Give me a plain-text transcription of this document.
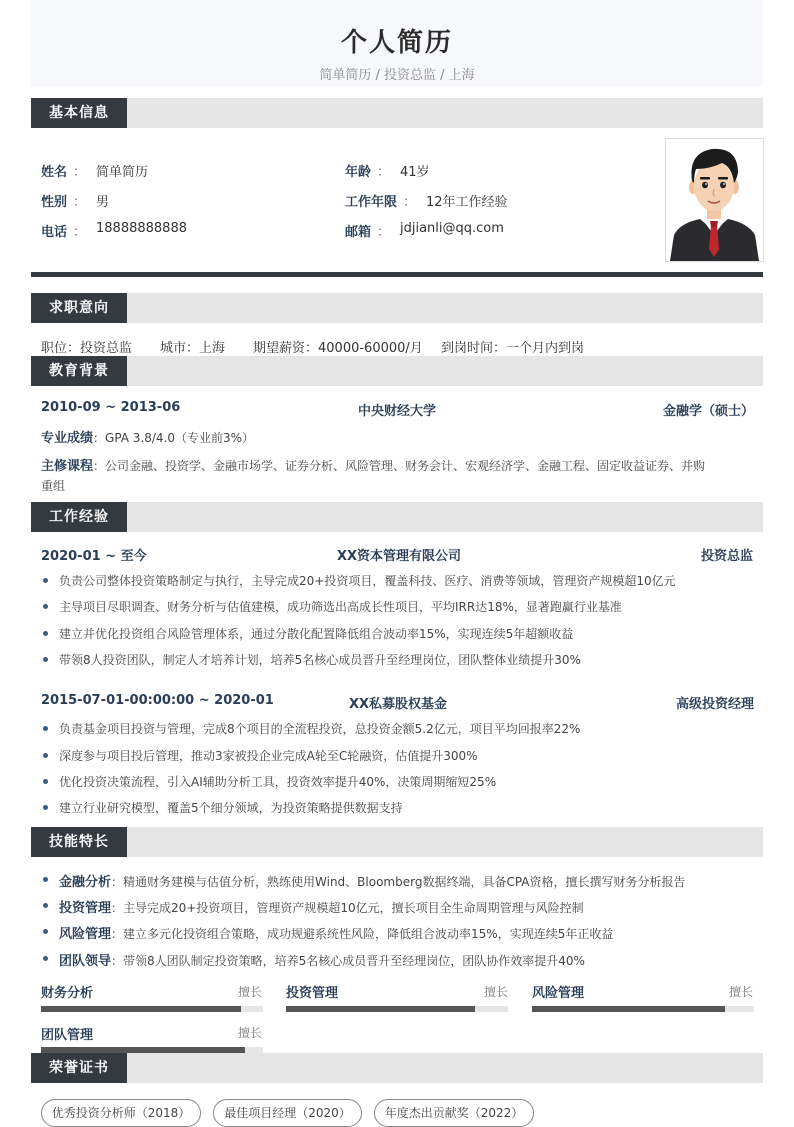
个人简历
简单简历 / 投资总监 / 上海
基本信息
姓名 ： 简单简历	年龄 ： 41岁
性别 ： 男	工作年限 ： 12年工作经验
电话 ： 18888888888	邮箱 ： jdjianli@qq.com
求职意向
职位：投资总监 城市：上海 期望薪资：40000-60000/月 到岗时间：一个月内到岗
教育背景
2010-09 ~ 2013-06	中央财经大学	金融学（硕士）
专业成绩：GPA 3.8/4.0（专业前3%）
主修课程：公司金融、投资学、金融市场学、证券分析、风险管理、财务会计、宏观经济学、金融工程、固定收益证券、并购
重组
工作经验
2020-01 ~ 至今	XX资本管理有限公司	投资总监
负责公司整体投资策略制定与执行，主导完成20+投资项目，覆盖科技、医疗、消费等领域，管理资产规模超10亿元
主导项目尽职调查、财务分析与估值建模，成功筛选出高成长性项目，平均IRR达18%，显著跑赢行业基准
建立并优化投资组合风险管理体系，通过分散化配置降低组合波动率15%，实现连续5年超额收益
带领8人投资团队，制定人才培养计划，培养5名核心成员晋升至经理岗位，团队整体业绩提升30%
2015-07-01-00:00:00 ~ 2020-01	XX私募股权基金	高级投资经理
负责基金项目投资与管理，完成8个项目的全流程投资，总投资金额5.2亿元，项目平均回报率22%
深度参与项目投后管理，推动3家被投企业完成A轮至C轮融资，估值提升300%
优化投资决策流程，引入AI辅助分析工具，投资效率提升40%，决策周期缩短25%
建立行业研究模型，覆盖5个细分领域，为投资策略提供数据支持
技能特长
金融分析：精通财务建模与估值分析，熟练使用Wind、Bloomberg数据终端，具备CPA资格，擅长撰写财务分析报告
投资管理：主导完成20+投资项目，管理资产规模超10亿元，擅长项目全生命周期管理与风险控制
风险管理：建立多元化投资组合策略，成功规避系统性风险，降低组合波动率15%，实现连续5年正收益
团队领导：带领8人团队制定投资策略，培养5名核心成员晋升至经理岗位，团队协作效率提升40%
财务分析	擅长 投资管理	擅长 风险管理	擅长
团队管理	擅长
荣誉证书
优秀投资分析师（2018）	最佳项目经理（2020）	年度杰出贡献奖（2022）
